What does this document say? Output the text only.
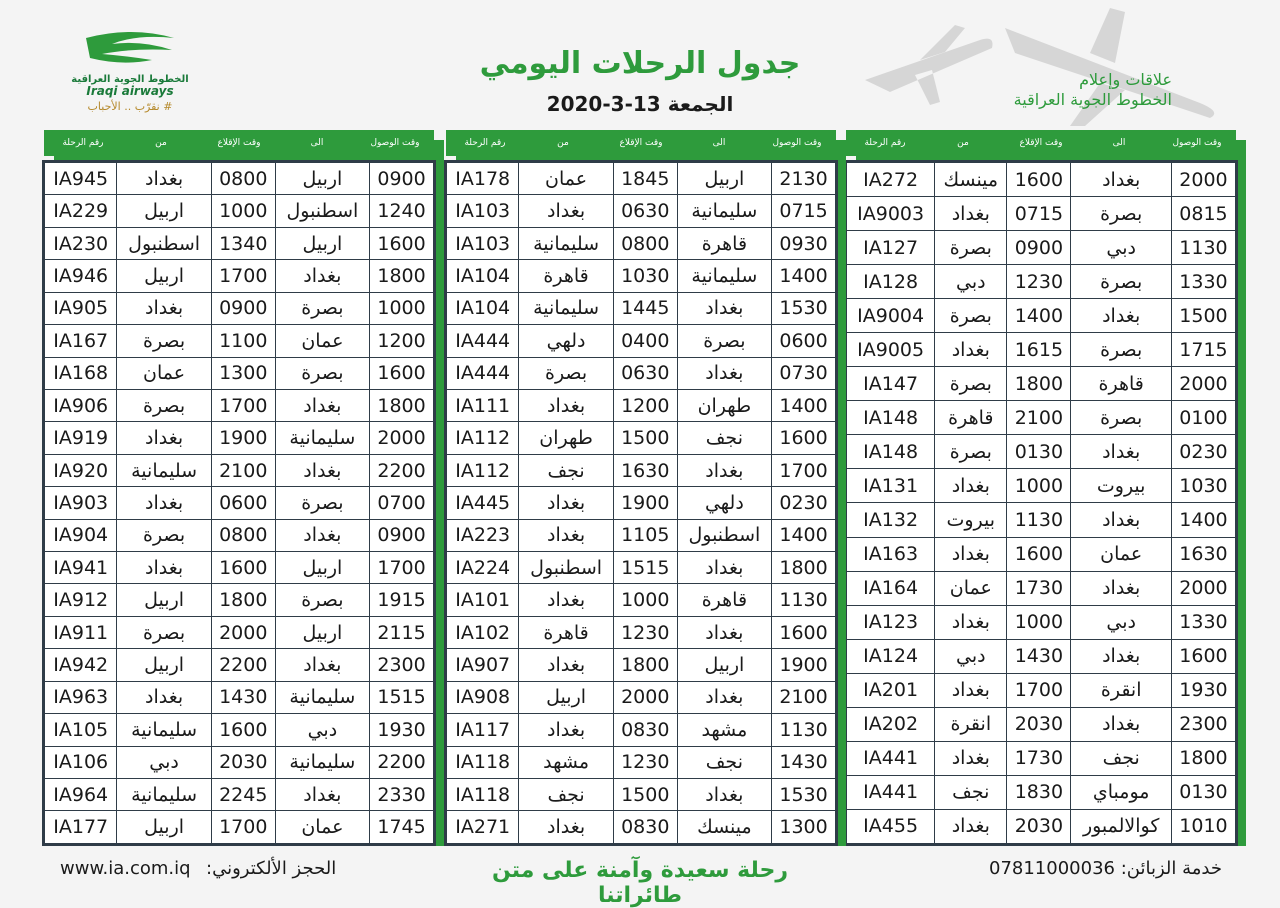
الخطوط الجوية العراقية
Iraqi airways
# نقرّب .. الأحباب
جدول الرحلات اليومي
الجمعة 13-3-2020
علاقات وإعلام
الخطوط الجوية العراقية
رقم الرحلة	من	وقت الإقلاع	الى	وقت الوصول
2000	بغداد	1600	مينسك	IA272
0815	بصرة	0715	بغداد	IA9003
1130	دبي	0900	بصرة	IA127
1330	بصرة	1230	دبي	IA128
1500	بغداد	1400	بصرة	IA9004
1715	بصرة	1615	بغداد	IA9005
2000	قاهرة	1800	بصرة	IA147
0100	بصرة	2100	قاهرة	IA148
0230	بغداد	0130	بصرة	IA148
1030	بيروت	1000	بغداد	IA131
1400	بغداد	1130	بيروت	IA132
1630	عمان	1600	بغداد	IA163
2000	بغداد	1730	عمان	IA164
1330	دبي	1000	بغداد	IA123
1600	بغداد	1430	دبي	IA124
1930	انقرة	1700	بغداد	IA201
2300	بغداد	2030	انقرة	IA202
1800	نجف	1730	بغداد	IA441
0130	مومباي	1830	نجف	IA441
1010	كوالالمبور	2030	بغداد	IA455
رقم الرحلة	من	وقت الإقلاع	الى	وقت الوصول
2130	اربيل	1845	عمان	IA178
0715	سليمانية	0630	بغداد	IA103
0930	قاهرة	0800	سليمانية	IA103
1400	سليمانية	1030	قاهرة	IA104
1530	بغداد	1445	سليمانية	IA104
0600	بصرة	0400	دلهي	IA444
0730	بغداد	0630	بصرة	IA444
1400	طهران	1200	بغداد	IA111
1600	نجف	1500	طهران	IA112
1700	بغداد	1630	نجف	IA112
0230	دلهي	1900	بغداد	IA445
1400	اسطنبول	1105	بغداد	IA223
1800	بغداد	1515	اسطنبول	IA224
1130	قاهرة	1000	بغداد	IA101
1600	بغداد	1230	قاهرة	IA102
1900	اربيل	1800	بغداد	IA907
2100	بغداد	2000	اربيل	IA908
1130	مشهد	0830	بغداد	IA117
1430	نجف	1230	مشهد	IA118
1530	بغداد	1500	نجف	IA118
1300	مينسك	0830	بغداد	IA271
رقم الرحلة	من	وقت الإقلاع	الى	وقت الوصول
0900	اربيل	0800	بغداد	IA945
1240	اسطنبول	1000	اربيل	IA229
1600	اربيل	1340	اسطنبول	IA230
1800	بغداد	1700	اربيل	IA946
1000	بصرة	0900	بغداد	IA905
1200	عمان	1100	بصرة	IA167
1600	بصرة	1300	عمان	IA168
1800	بغداد	1700	بصرة	IA906
2000	سليمانية	1900	بغداد	IA919
2200	بغداد	2100	سليمانية	IA920
0700	بصرة	0600	بغداد	IA903
0900	بغداد	0800	بصرة	IA904
1700	اربيل	1600	بغداد	IA941
1915	بصرة	1800	اربيل	IA912
2115	اربيل	2000	بصرة	IA911
2300	بغداد	2200	اربيل	IA942
1515	سليمانية	1430	بغداد	IA963
1930	دبي	1600	سليمانية	IA105
2200	سليمانية	2030	دبي	IA106
2330	بغداد	2245	سليمانية	IA964
1745	عمان	1700	اربيل	IA177
www.ia.com.iq الحجز الألكتروني:	رحلة سعيدة وآمنة على متن طائراتنا
خدمة الزبائن: 07811000036
